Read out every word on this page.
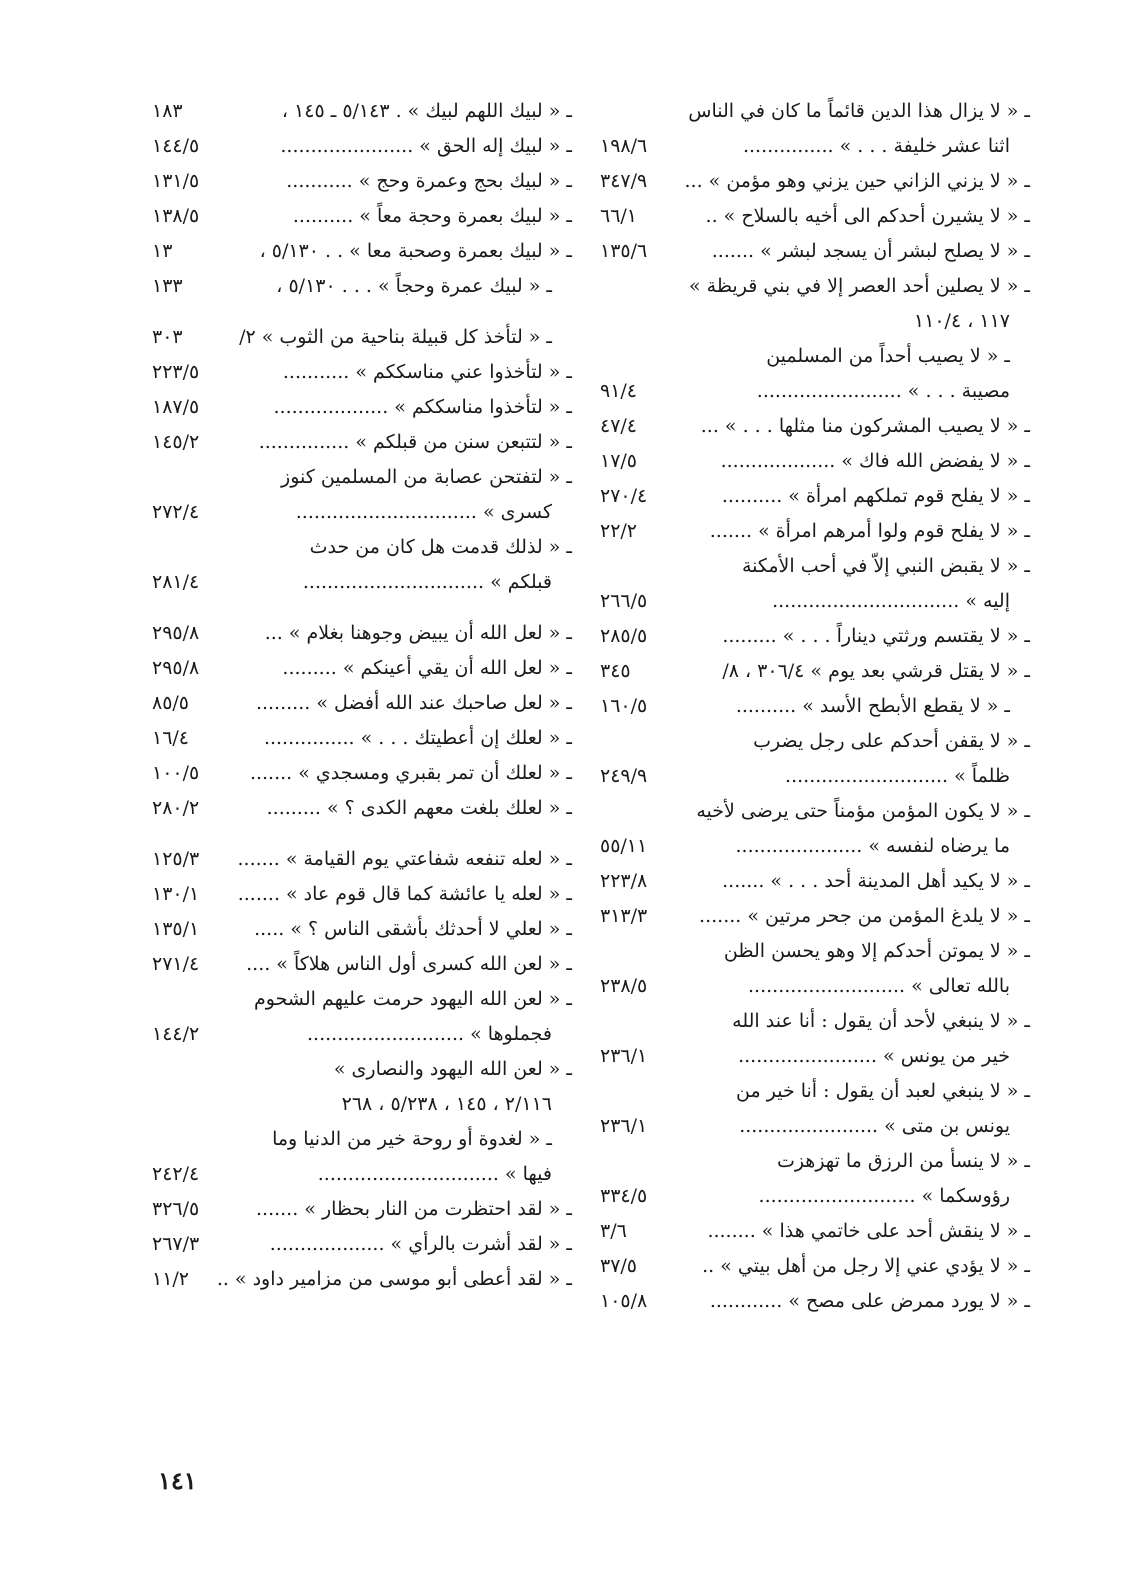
ـ « لا يزال هذا الدين قائماً ما كان في الناس
اثنا عشر خليفة . . . » ...............
١٩٨/٦
ـ « لا يزني الزاني حين يزني وهو مؤمن » ...
٣٤٧/٩
ـ « لا يشيرن أحدكم الى أخيه بالسلاح » ..
٦٦/١
ـ « لا يصلح لبشر أن يسجد لبشر » .......
١٣٥/٦
ـ « لا يصلين أحد العصر إلا في بني قريظة »
١١٧ ، ١١٠/٤
ـ « لا يصيب أحداً من المسلمين
مصيبة . . . » ........................
٩١/٤
ـ « لا يصيب المشركون منا مثلها . . . » ...
٤٧/٤
ـ « لا يفضض الله فاك » ...................
١٧/٥
ـ « لا يفلح قوم تملكهم امرأة » ..........
٢٧٠/٤
ـ « لا يفلح قوم ولوا أمرهم امرأة » .......
٢٢/٢
ـ « لا يقبض النبي إلاّ في أحب الأمكنة
إليه » ...............................
٢٦٦/٥
ـ « لا يقتسم ورثتي ديناراً . . . » .........
٢٨٥/٥
ـ « لا يقتل قرشي بعد يوم » ٣٠٦/٤ ، ٨/
٣٤٥
ـ « لا يقطع الأبطح الأسد » ..........
١٦٠/٥
ـ « لا يقفن أحدكم على رجل يضرب
ظلماً » ...........................
٢٤٩/٩
ـ « لا يكون المؤمن مؤمناً حتى يرضى لأخيه
ما يرضاه لنفسه » .....................
٥٥/١١
ـ « لا يكيد أهل المدينة أحد . . . » .......
٢٢٣/٨
ـ « لا يلدغ المؤمن من جحر مرتين » .......
٣١٣/٣
ـ « لا يموتن أحدكم إلا وهو يحسن الظن
بالله تعالى » ..........................
٢٣٨/٥
ـ « لا ينبغي لأحد أن يقول : أنا عند الله
خير من يونس » .......................
٢٣٦/١
ـ « لا ينبغي لعبد أن يقول : أنا خير من
يونس بن متى » .......................
٢٣٦/١
ـ « لا ينسأ من الرزق ما تهزهزت
رؤوسكما » ..........................
٣٣٤/٥
ـ « لا ينقش أحد على خاتمي هذا » ........
٣/٦
ـ « لا يؤدي عني إلا رجل من أهل بيتي » ..
٣٧/٥
ـ « لا يورد ممرض على مصح » ............
١٠٥/٨
ـ « لبيك اللهم لبيك » . ٥/١٤٣ ـ ١٤٥ ،
١٨٣
ـ « لبيك إله الحق » ......................
١٤٤/٥
ـ « لبيك بحج وعمرة وحج » ...........
١٣١/٥
ـ « لبيك بعمرة وحجة معاً » ..........
١٣٨/٥
ـ « لبيك بعمرة وصحبة معا » . . ٥/١٣٠ ،
١٣
ـ « لبيك عمرة وحجاً » . . . ٥/١٣٠ ،
١٣٣
ـ « لتأخذ كل قبيلة بناحية من الثوب » ٢/
٣٠٣
ـ « لتأخذوا عني مناسككم » ...........
٢٢٣/٥
ـ « لتأخذوا مناسككم » ...................
١٨٧/٥
ـ « لتتبعن سنن من قبلكم » ...............
١٤٥/٢
ـ « لتفتحن عصابة من المسلمين كنوز
كسرى » ..............................
٢٧٢/٤
ـ « لذلك قدمت هل كان من حدث
قبلكم » ..............................
٢٨١/٤
ـ « لعل الله أن يبيض وجوهنا بغلام » ...
٢٩٥/٨
ـ « لعل الله أن يقي أعينكم » .........
٢٩٥/٨
ـ « لعل صاحبك عند الله أفضل » .........
٨٥/٥
ـ « لعلك إن أعطيتك . . . » ...............
١٦/٤
ـ « لعلك أن تمر بقبري ومسجدي » .......
١٠٠/٥
ـ « لعلك بلغت معهم الكدى ؟ » .........
٢٨٠/٢
ـ « لعله تنفعه شفاعتي يوم القيامة » .......
١٢٥/٣
ـ « لعله يا عائشة كما قال قوم عاد » .......
١٣٠/١
ـ « لعلي لا أحدثك بأشقى الناس ؟ » .....
١٣٥/١
ـ « لعن الله كسرى أول الناس هلاكاً » ....
٢٧١/٤
ـ « لعن الله اليهود حرمت عليهم الشحوم
فجملوها » ..........................
١٤٤/٢
ـ « لعن الله اليهود والنصارى »
٢/١١٦ ، ١٤٥ ، ٥/٢٣٨ ، ٢٦٨
ـ « لغدوة أو روحة خير من الدنيا وما
فيها » ..............................
٢٤٢/٤
ـ « لقد احتظرت من النار بحظار » .......
٣٢٦/٥
ـ « لقد أشرت بالرأي » ...................
٢٦٧/٣
ـ « لقد أعطى أبو موسى من مزامير داود » ..
١١/٢
١٤١
